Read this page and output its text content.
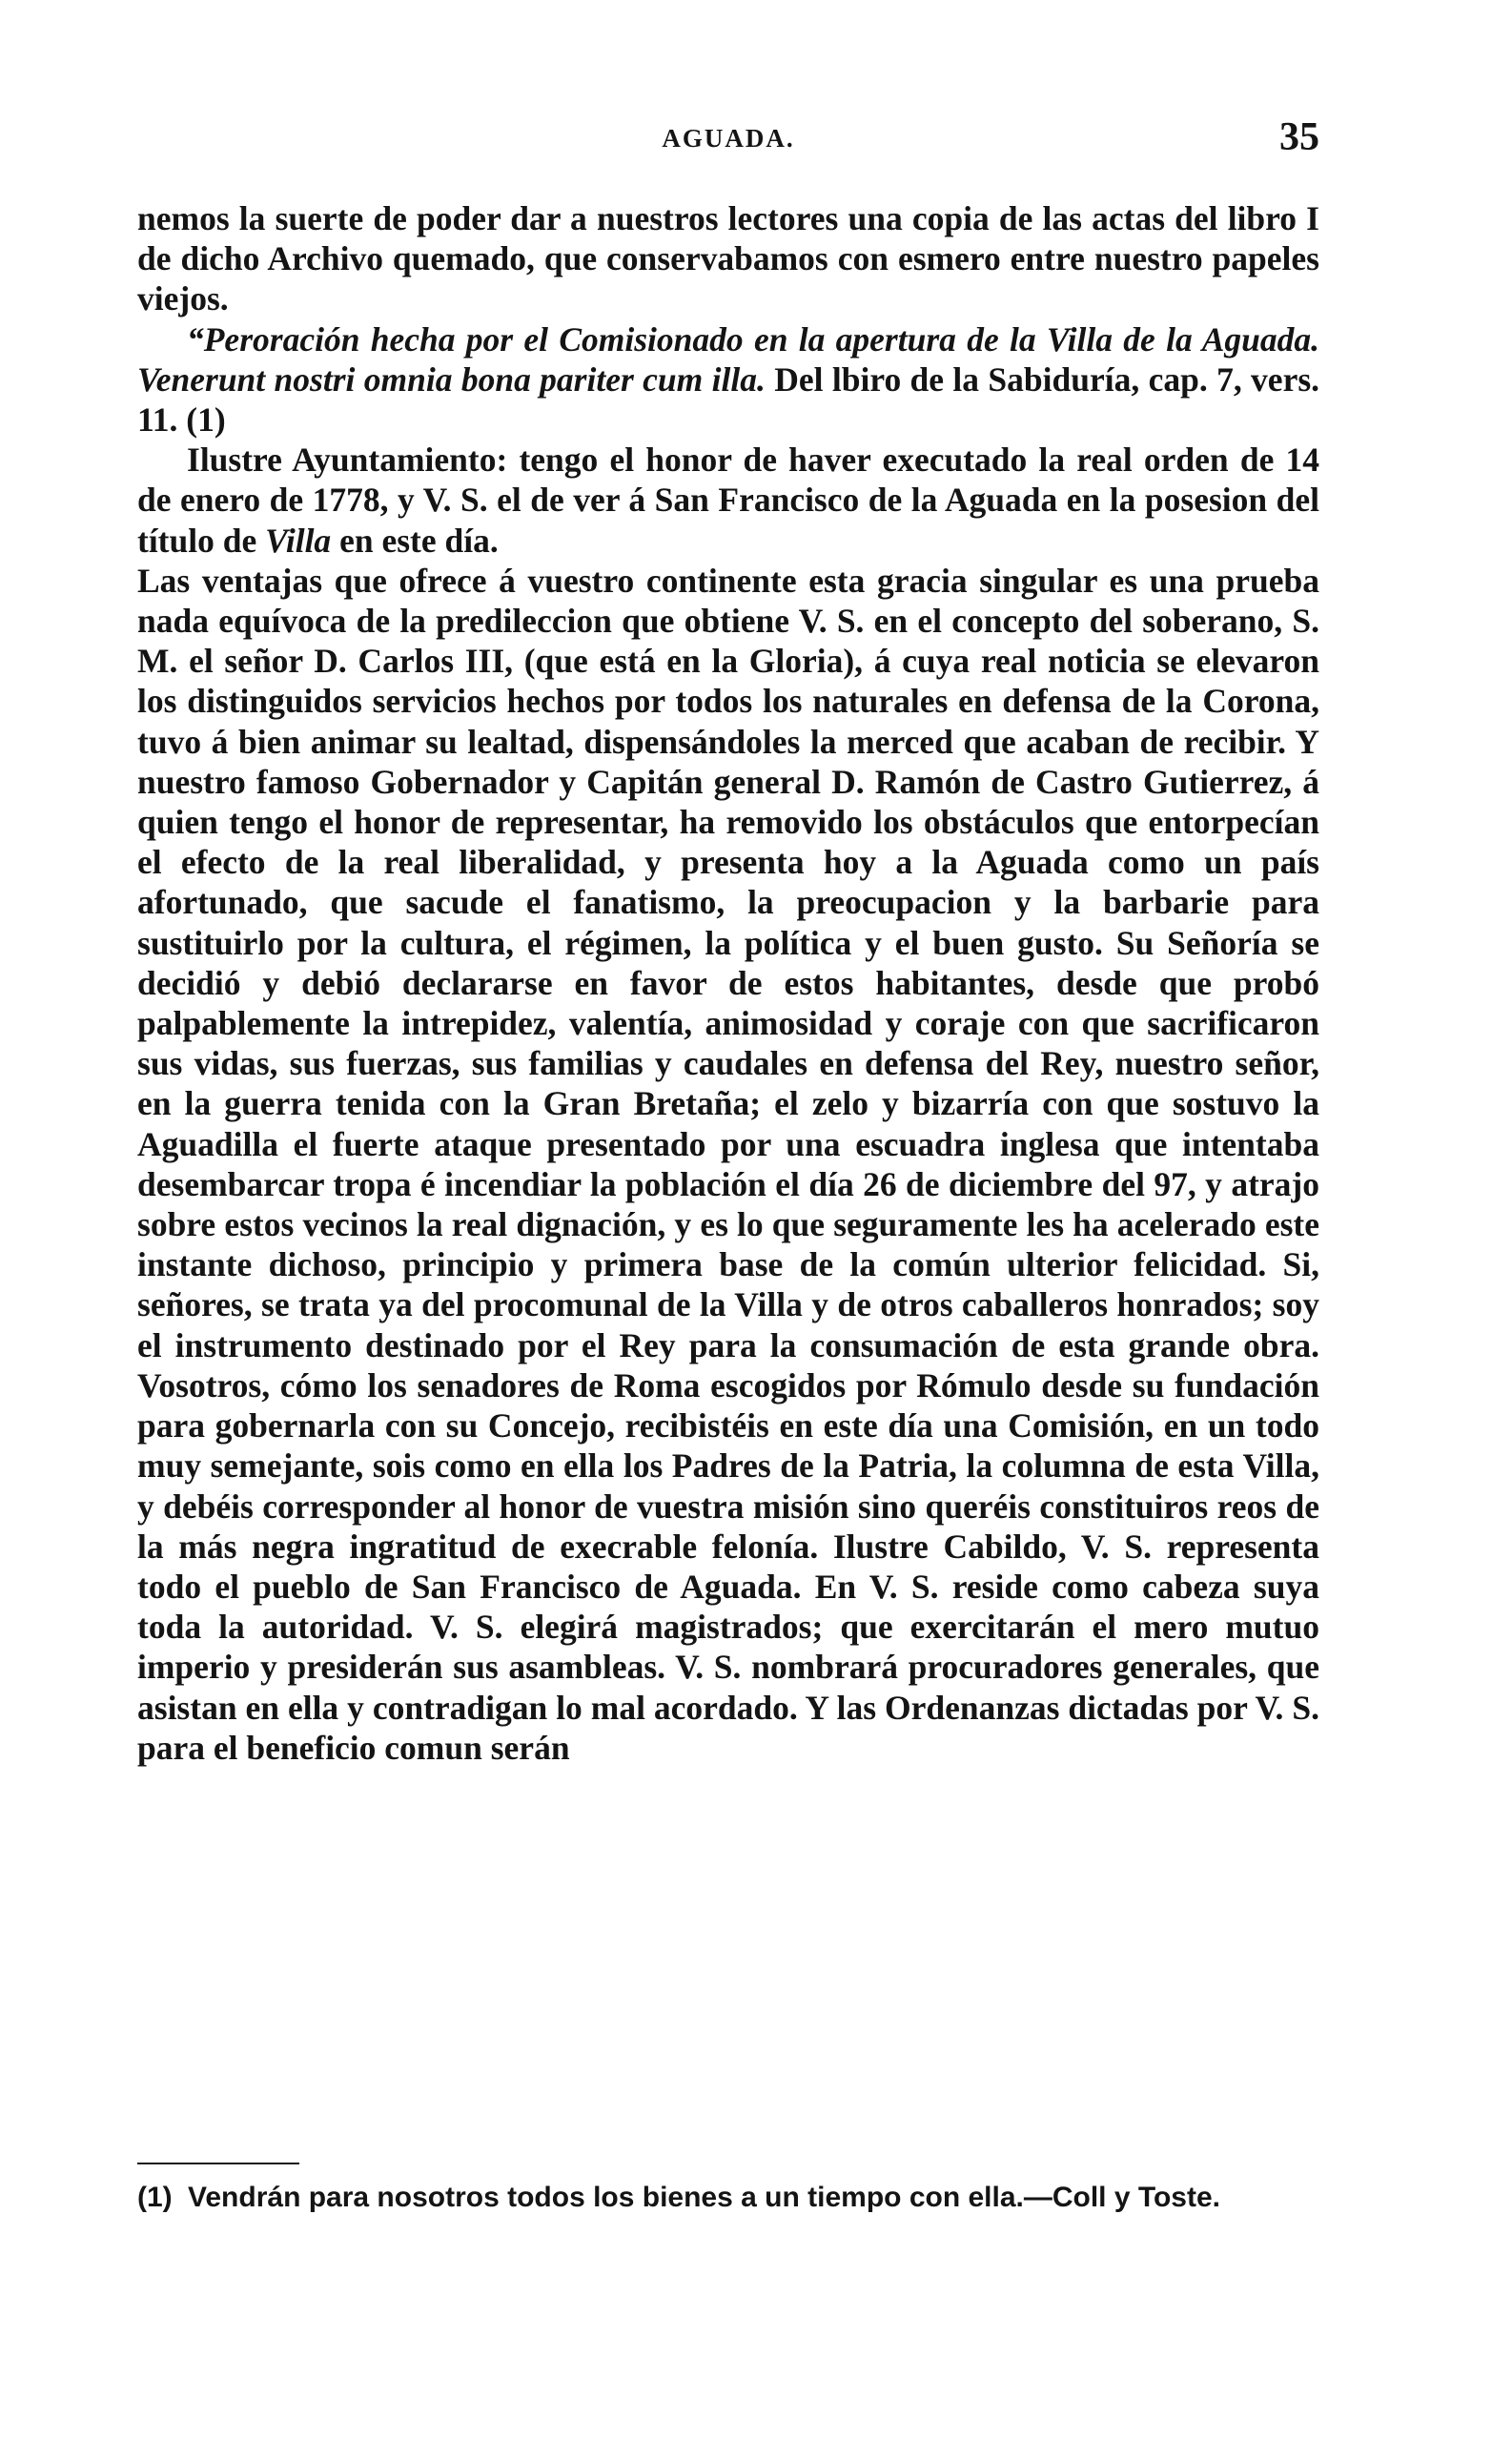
AGUADA.	35

nemos la suerte de poder dar a nuestros lectores una copia de las actas del libro I de dicho Archivo quemado, que conservabamos con esmero entre nuestro papeles viejos.

“Peroración hecha por el Comisionado en la apertura de la Villa de la Aguada. Venerunt nostri omnia bona pariter cum illa. Del lbiro de la Sabiduría, cap. 7, vers. 11. (1)

Ilustre Ayuntamiento: tengo el honor de haver executado la real orden de 14 de enero de 1778, y V. S. el de ver á San Francisco de la Aguada en la posesion del título de Villa en este día.

Las ventajas que ofrece á vuestro continente esta gracia singular es una prueba nada equívoca de la predileccion que obtiene V. S. en el concepto del soberano, S. M. el señor D. Carlos III, (que está en la Gloria), á cuya real noticia se elevaron los distinguidos servicios hechos por todos los naturales en defensa de la Corona, tuvo á bien animar su lealtad, dispensándoles la merced que acaban de recibir. Y nuestro famoso Gobernador y Capitán general D. Ramón de Castro Gutierrez, á quien tengo el honor de representar, ha removido los obstáculos que entorpecían el efecto de la real liberalidad, y presenta hoy a la Aguada como un país afortunado, que sacude el fanatismo, la preocupacion y la barbarie para sustituirlo por la cultura, el régimen, la política y el buen gusto. Su Señoría se decidió y debió declararse en favor de estos habitantes, desde que probó palpablemente la intrepidez, valentía, animosidad y coraje con que sacrificaron sus vidas, sus fuerzas, sus familias y caudales en defensa del Rey, nuestro señor, en la guerra tenida con la Gran Bretaña; el zelo y bizarría con que sostuvo la Aguadilla el fuerte ataque presentado por una escuadra inglesa que intentaba desembarcar tropa é incendiar la población el día 26 de diciembre del 97, y atrajo sobre estos vecinos la real dignación, y es lo que seguramente les ha acelerado este instante dichoso, principio y primera base de la común ulterior felicidad. Si, señores, se trata ya del procomunal de la Villa y de otros caballeros honrados; soy el instrumento destinado por el Rey para la consumación de esta grande obra. Vosotros, cómo los senadores de Roma escogidos por Rómulo desde su fundación para gobernarla con su Concejo, recibistéis en este día una Comisión, en un todo muy semejante, sois como en ella los Padres de la Patria, la columna de esta Villa, y debéis corresponder al honor de vuestra misión sino queréis constituiros reos de la más negra ingratitud de execrable felonía. Ilustre Cabildo, V. S. representa todo el pueblo de San Francisco de Aguada. En V. S. reside como cabeza suya toda la autoridad. V. S. elegirá magistrados; que exercitarán el mero mutuo imperio y presiderán sus asambleas. V. S. nombrará procuradores generales, que asistan en ella y contradigan lo mal acordado. Y las Ordenanzas dictadas por V. S. para el beneficio comun serán

(1) Vendrán para nosotros todos los bienes a un tiempo con ella.—Coll y Toste.
